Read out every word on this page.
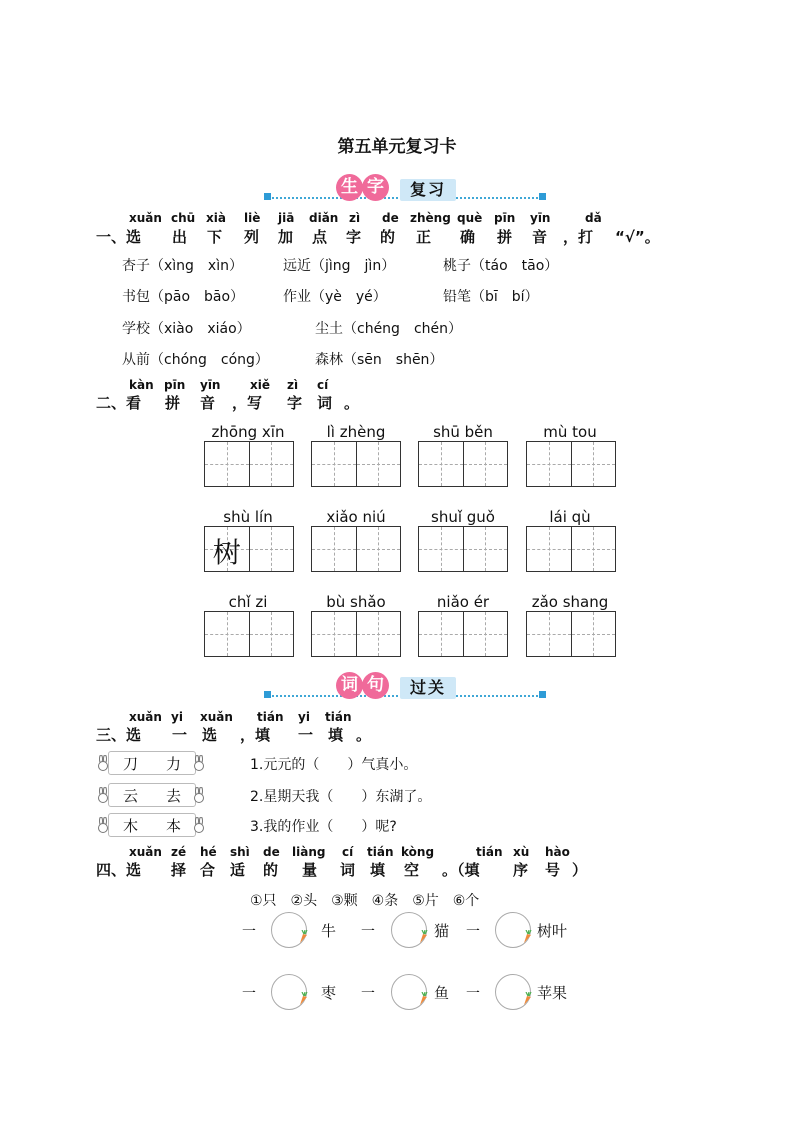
第五单元复习卡
生 字	复习
xuǎn chū xià liè jiā diǎn zì de zhèng què pīn yīn	dǎ
一、选 出 下 列 加 点 字 的 正 确 拼 音 ，打 “√”。
杏子（xìng　xìn）	远近（jìng　jìn）	桃子（táo　tāo）
书包（pāo　bāo）	作业（yè　yé）	铅笔（bī　bí）
学校（xiào　xiáo）	尘土（chéng　chén）
从前（chóng　cóng）	森林（sēn　shēn）
kàn pīn yīn xiě zì cí
二、看 拼 音 ，写 字 词 。
zhōng xīn	lì zhèng	shū běn	mù tou
shù lín	xiǎo niú	shuǐ guǒ	lái qù
树
chǐ zi	bù shǎo	niǎo ér	zǎo shang
词 句	过关
xuǎn yi xuǎn tián yi tián
三、选 一 选 ，填 一 填 。
刀	力	1.元元的（　　）气真小。
云	去	2.星期天我（　　）东湖了。
木	本	3.我的作业（　　）呢?
xuǎn zé hé shì de liàng cí tián kòng	tián xù hào
四、选 择 合 适 的 量 词 填 空 。（填 序 号 ）
①只　②头　③颗　④条　⑤片　⑥个
一	牛 一	猫 一	树叶
一	枣 一	鱼 一	苹果
